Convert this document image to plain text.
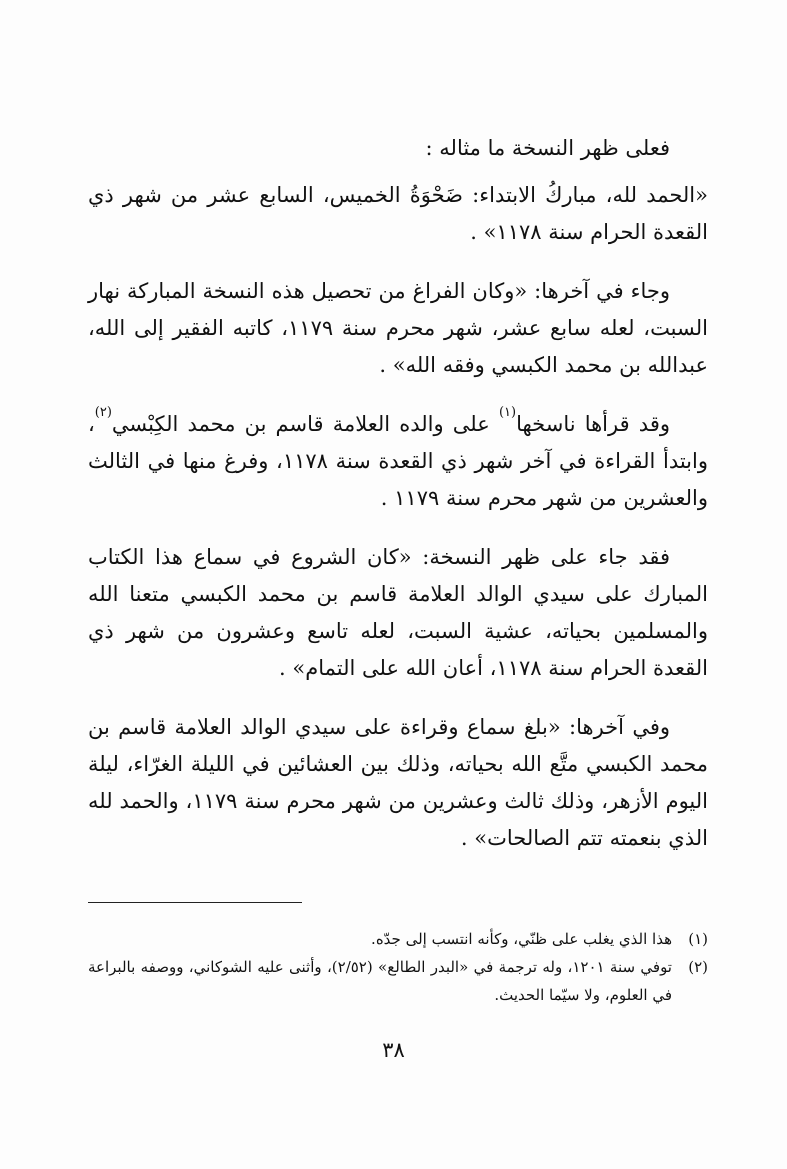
فعلى ظهر النسخة ما مثاله :

«الحمد لله، مباركُ الابتداء: ضَحْوَةُ الخميس، السابع عشر من شهر ذي القعدة الحرام سنة ١١٧٨» .

وجاء في آخرها: «وكان الفراغ من تحصيل هذه النسخة المباركة نهار السبت، لعله سابع عشر، شهر محرم سنة ١١٧٩، كاتبه الفقير إلى الله، عبدالله بن محمد الكبسي وفقه الله» .

وقد قرأها ناسخها$^{(١)}$ على والده العلامة قاسم بن محمد الكِبْسي$^{(٢)}$، وابتدأ القراءة في آخر شهر ذي القعدة سنة ١١٧٨، وفرغ منها في الثالث والعشرين من شهر محرم سنة ١١٧٩ .

فقد جاء على ظهر النسخة: «كان الشروع في سماع هذا الكتاب المبارك على سيدي الوالد العلامة قاسم بن محمد الكبسي متعنا الله والمسلمين بحياته، عشية السبت، لعله تاسع وعشرون من شهر ذي القعدة الحرام سنة ١١٧٨، أعان الله على التمام» .

وفي آخرها: «بلغ سماع وقراءة على سيدي الوالد العلامة قاسم بن محمد الكبسي متَّع الله بحياته، وذلك بين العشائين في الليلة الغرّاء، ليلة اليوم الأزهر، وذلك ثالث وعشرين من شهر محرم سنة ١١٧٩، والحمد لله الذي بنعمته تتم الصالحات» .

(١)
هذا الذي يغلب على ظنّي، وكأنه انتسب إلى جدّه.
(٢)
توفي سنة ١٢٠١، وله ترجمة في «البدر الطالع» (٢/٥٢)، وأثنى عليه الشوكاني، ووصفه بالبراعة في العلوم، ولا سيّما الحديث.
٣٨
